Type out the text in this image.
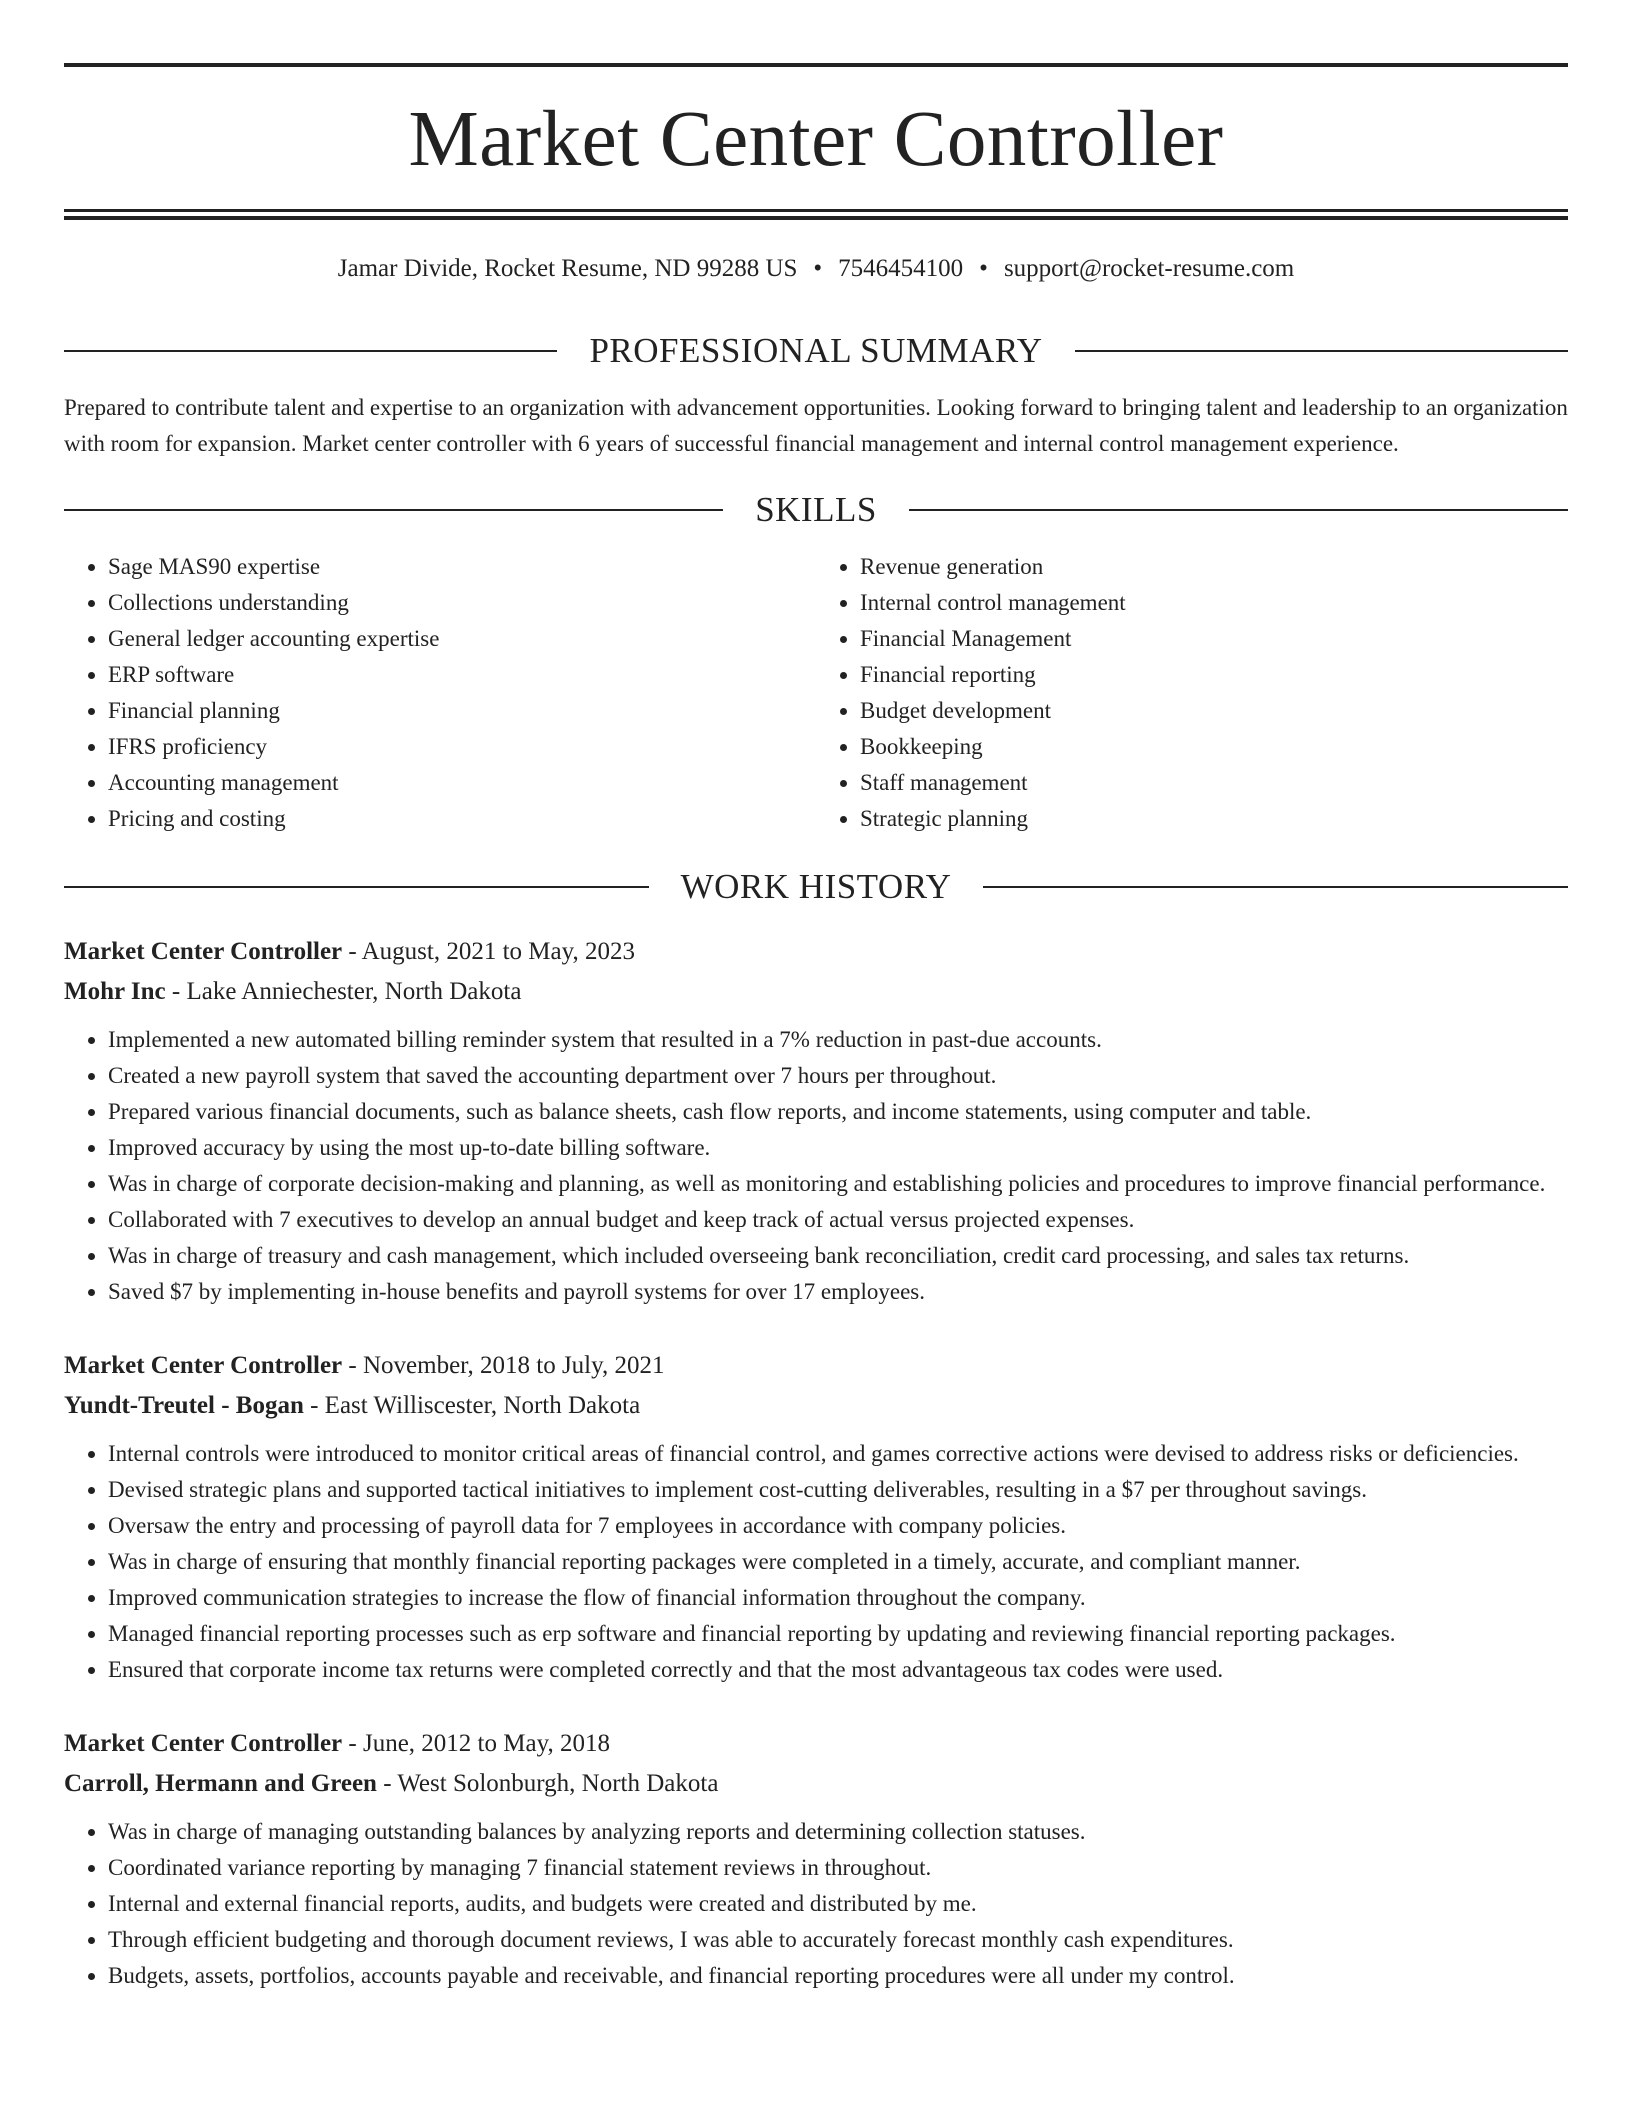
Market Center Controller
Jamar Divide, Rocket Resume, ND 99288 US • 7546454100 • support@rocket-resume.com
PROFESSIONAL SUMMARY
Prepared to contribute talent and expertise to an organization with advancement opportunities. Looking forward to bringing talent and leadership to an organization with room for expansion. Market center controller with 6 years of successful financial management and internal control management experience.
SKILLS
• Sage MAS90 expertise
• Collections understanding
• General ledger accounting expertise
• ERP software
• Financial planning
• IFRS proficiency
• Accounting management
• Pricing and costing
• Revenue generation
• Internal control management
• Financial Management
• Financial reporting
• Budget development
• Bookkeeping
• Staff management
• Strategic planning
WORK HISTORY
Market Center Controller - August, 2021 to May, 2023
Mohr Inc - Lake Anniechester, North Dakota
• Implemented a new automated billing reminder system that resulted in a 7% reduction in past-due accounts.
• Created a new payroll system that saved the accounting department over 7 hours per throughout.
• Prepared various financial documents, such as balance sheets, cash flow reports, and income statements, using computer and table.
• Improved accuracy by using the most up-to-date billing software.
• Was in charge of corporate decision-making and planning, as well as monitoring and establishing policies and procedures to improve financial performance.
• Collaborated with 7 executives to develop an annual budget and keep track of actual versus projected expenses.
• Was in charge of treasury and cash management, which included overseeing bank reconciliation, credit card processing, and sales tax returns.
• Saved $7 by implementing in-house benefits and payroll systems for over 17 employees.
Market Center Controller - November, 2018 to July, 2021
Yundt-Treutel - Bogan - East Williscester, North Dakota
• Internal controls were introduced to monitor critical areas of financial control, and games corrective actions were devised to address risks or deficiencies.
• Devised strategic plans and supported tactical initiatives to implement cost-cutting deliverables, resulting in a $7 per throughout savings.
• Oversaw the entry and processing of payroll data for 7 employees in accordance with company policies.
• Was in charge of ensuring that monthly financial reporting packages were completed in a timely, accurate, and compliant manner.
• Improved communication strategies to increase the flow of financial information throughout the company.
• Managed financial reporting processes such as erp software and financial reporting by updating and reviewing financial reporting packages.
• Ensured that corporate income tax returns were completed correctly and that the most advantageous tax codes were used.
Market Center Controller - June, 2012 to May, 2018
Carroll, Hermann and Green - West Solonburgh, North Dakota
• Was in charge of managing outstanding balances by analyzing reports and determining collection statuses.
• Coordinated variance reporting by managing 7 financial statement reviews in throughout.
• Internal and external financial reports, audits, and budgets were created and distributed by me.
• Through efficient budgeting and thorough document reviews, I was able to accurately forecast monthly cash expenditures.
• Budgets, assets, portfolios, accounts payable and receivable, and financial reporting procedures were all under my control.
